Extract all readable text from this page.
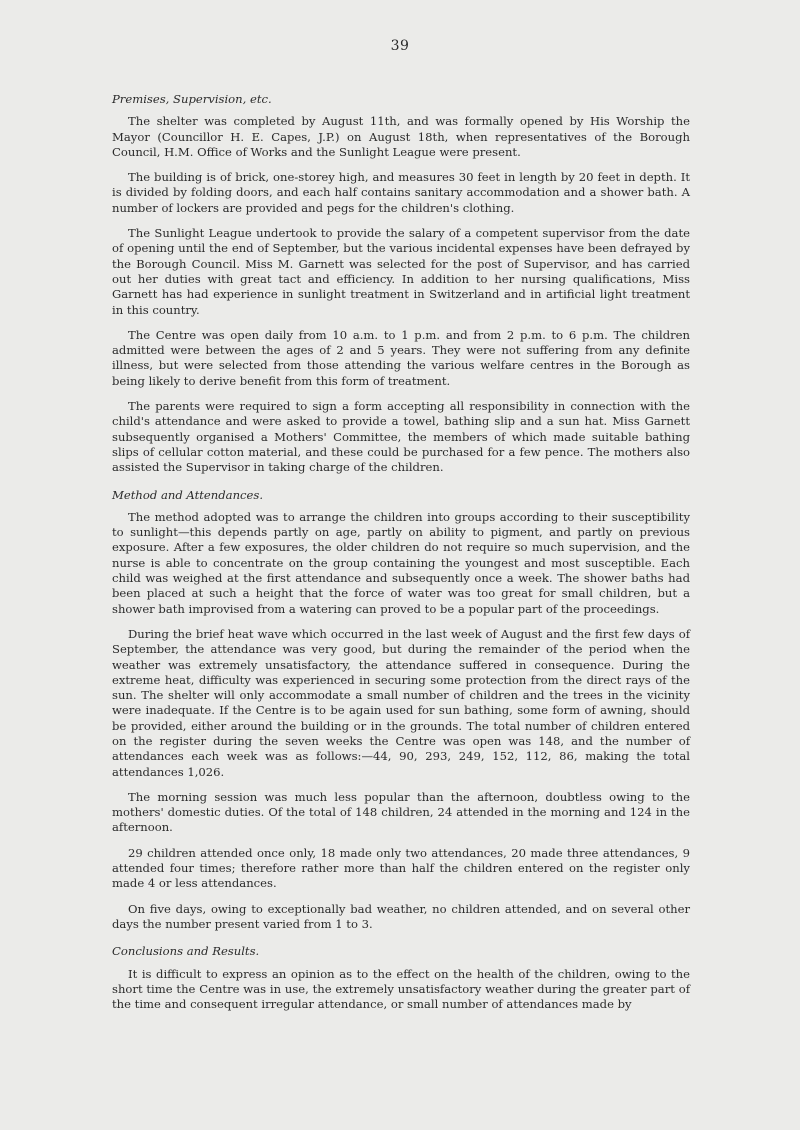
39
Premises, Supervision, etc.

The shelter was completed by August 11th, and was formally opened by His Worship the Mayor (Councillor H. E. Capes, J.P.) on August 18th, when representatives of the Borough Council, H.M. Office of Works and the Sunlight League were present.

The building is of brick, one-storey high, and measures 30 feet in length by 20 feet in depth. It is divided by folding doors, and each half contains sanitary accommodation and a shower bath. A number of lockers are provided and pegs for the children's clothing.

The Sunlight League undertook to provide the salary of a competent supervisor from the date of opening until the end of September, but the various incidental expenses have been defrayed by the Borough Council. Miss M. Garnett was selected for the post of Supervisor, and has carried out her duties with great tact and efficiency. In addition to her nursing qualifications, Miss Garnett has had experience in sunlight treatment in Switzerland and in artificial light treatment in this country.

The Centre was open daily from 10 a.m. to 1 p.m. and from 2 p.m. to 6 p.m. The children admitted were between the ages of 2 and 5 years. They were not suffering from any definite illness, but were selected from those attending the various welfare centres in the Borough as being likely to derive benefit from this form of treatment.

The parents were required to sign a form accepting all responsibility in connection with the child's attendance and were asked to provide a towel, bathing slip and a sun hat. Miss Garnett subsequently organised a Mothers' Committee, the members of which made suitable bathing slips of cellular cotton material, and these could be purchased for a few pence. The mothers also assisted the Supervisor in taking charge of the children.

Method and Attendances.

The method adopted was to arrange the children into groups according to their susceptibility to sunlight—this depends partly on age, partly on ability to pigment, and partly on previous exposure. After a few exposures, the older children do not require so much supervision, and the nurse is able to concentrate on the group containing the youngest and most susceptible. Each child was weighed at the first attendance and subsequently once a week. The shower baths had been placed at such a height that the force of water was too great for small children, but a shower bath improvised from a watering can proved to be a popular part of the proceedings.

During the brief heat wave which occurred in the last week of August and the first few days of September, the attendance was very good, but during the remainder of the period when the weather was extremely unsatisfactory, the attendance suffered in consequence. During the extreme heat, difficulty was experienced in securing some protection from the direct rays of the sun. The shelter will only accommodate a small number of children and the trees in the vicinity were inadequate. If the Centre is to be again used for sun bathing, some form of awning, should be provided, either around the building or in the grounds. The total number of children entered on the register during the seven weeks the Centre was open was 148, and the number of attendances each week was as follows:—44, 90, 293, 249, 152, 112, 86, making the total attendances 1,026.

The morning session was much less popular than the afternoon, doubtless owing to the mothers' domestic duties. Of the total of 148 children, 24 attended in the morning and 124 in the afternoon.

29 children attended once only, 18 made only two attendances, 20 made three attendances, 9 attended four times; therefore rather more than half the children entered on the register only made 4 or less attendances.

On five days, owing to exceptionally bad weather, no children attended, and on several other days the number present varied from 1 to 3.

Conclusions and Results.

It is difficult to express an opinion as to the effect on the health of the children, owing to the short time the Centre was in use, the extremely unsatisfactory weather during the greater part of the time and consequent irregular attendance, or small number of attendances made by
